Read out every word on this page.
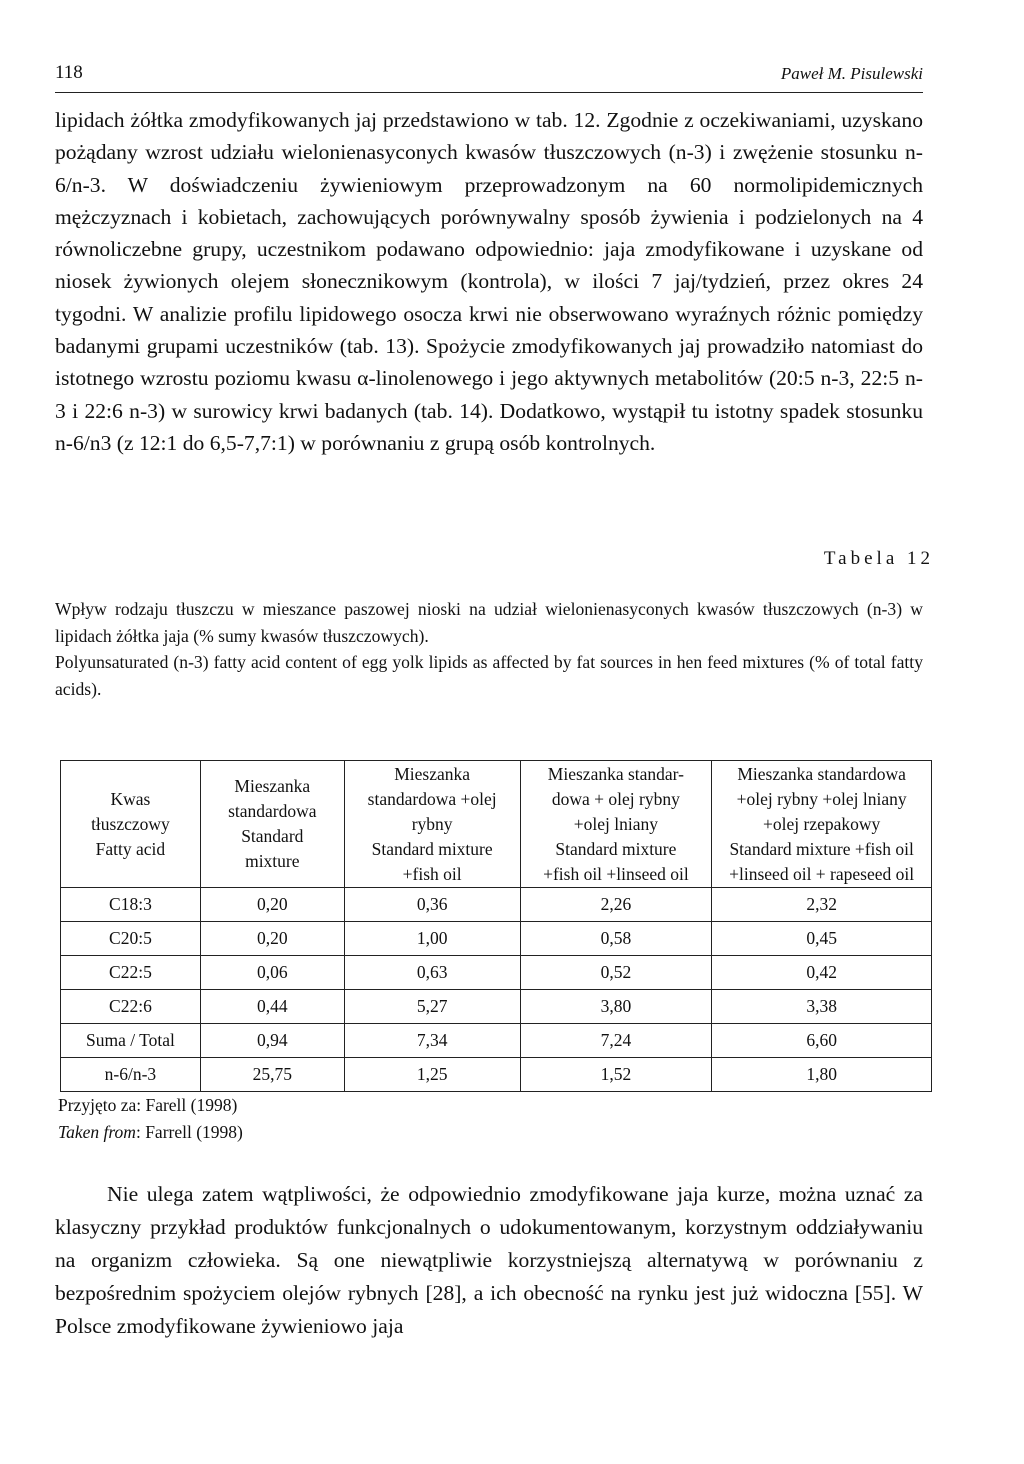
118	Paweł M. Pisulewski
lipidach żółtka zmodyfikowanych jaj przedstawiono w tab. 12. Zgodnie z oczekiwaniami, uzyskano pożądany wzrost udziału wielonienasyconych kwasów tłuszczowych (n-3) i zwężenie stosunku n-6/n-3. W doświadczeniu żywieniowym przeprowadzonym na 60 normolipidemicznych mężczyznach i kobietach, zachowujących porównywalny sposób żywienia i podzielonych na 4 równoliczebne grupy, uczestnikom podawano odpowiednio: jaja zmodyfikowane i uzyskane od niosek żywionych olejem słonecznikowym (kontrola), w ilości 7 jaj/tydzień, przez okres 24 tygodni. W analizie profilu lipidowego osocza krwi nie obserwowano wyraźnych różnic pomiędzy badanymi grupami uczestników (tab. 13). Spożycie zmodyfikowanych jaj prowadziło natomiast do istotnego wzrostu poziomu kwasu α-linolenowego i jego aktywnych metabolitów (20:5 n-3, 22:5 n-3 i 22:6 n-3) w surowicy krwi badanych (tab. 14). Dodatkowo, wystąpił tu istotny spadek stosunku n-6/n3 (z 12:1 do 6,5-7,7:1) w porównaniu z grupą osób kontrolnych.
Tabela 12

Wpływ rodzaju tłuszczu w mieszance paszowej nioski na udział wielonienasyconych kwasów tłuszczowych (n-3) w lipidach żółtka jaja (% sumy kwasów tłuszczowych).

Polyunsaturated (n-3) fatty acid content of egg yolk lipids as affected by fat sources in hen feed mixtures (% of total fatty acids).

Kwas
tłuszczowy
Fatty acid	Mieszanka
standardowa
Standard
mixture	Mieszanka
standardowa +olej
rybny
Standard mixture
+fish oil	Mieszanka standar-
dowa + olej rybny
+olej lniany
Standard mixture
+fish oil +linseed oil	Mieszanka standardowa
+olej rybny +olej lniany
+olej rzepakowy
Standard mixture +fish oil
+linseed oil + rapeseed oil
C18:3	0,20	0,36	2,26	2,32
C20:5	0,20	1,00	0,58	0,45
C22:5	0,06	0,63	0,52	0,42
C22:6	0,44	5,27	3,80	3,38
Suma / Total	0,94	7,34	7,24	6,60
n-6/n-3	25,75	1,25	1,52	1,80
Przyjęto za: Farell (1998)
Taken from: Farrell (1998)
Nie ulega zatem wątpliwości, że odpowiednio zmodyfikowane jaja kurze, można uznać za klasyczny przykład produktów funkcjonalnych o udokumentowanym, korzystnym oddziaływaniu na organizm człowieka. Są one niewątpliwie korzystniejszą alternatywą w porównaniu z bezpośrednim spożyciem olejów rybnych [28], a ich obecność na rynku jest już widoczna [55]. W Polsce zmodyfikowane żywieniowo jaja
